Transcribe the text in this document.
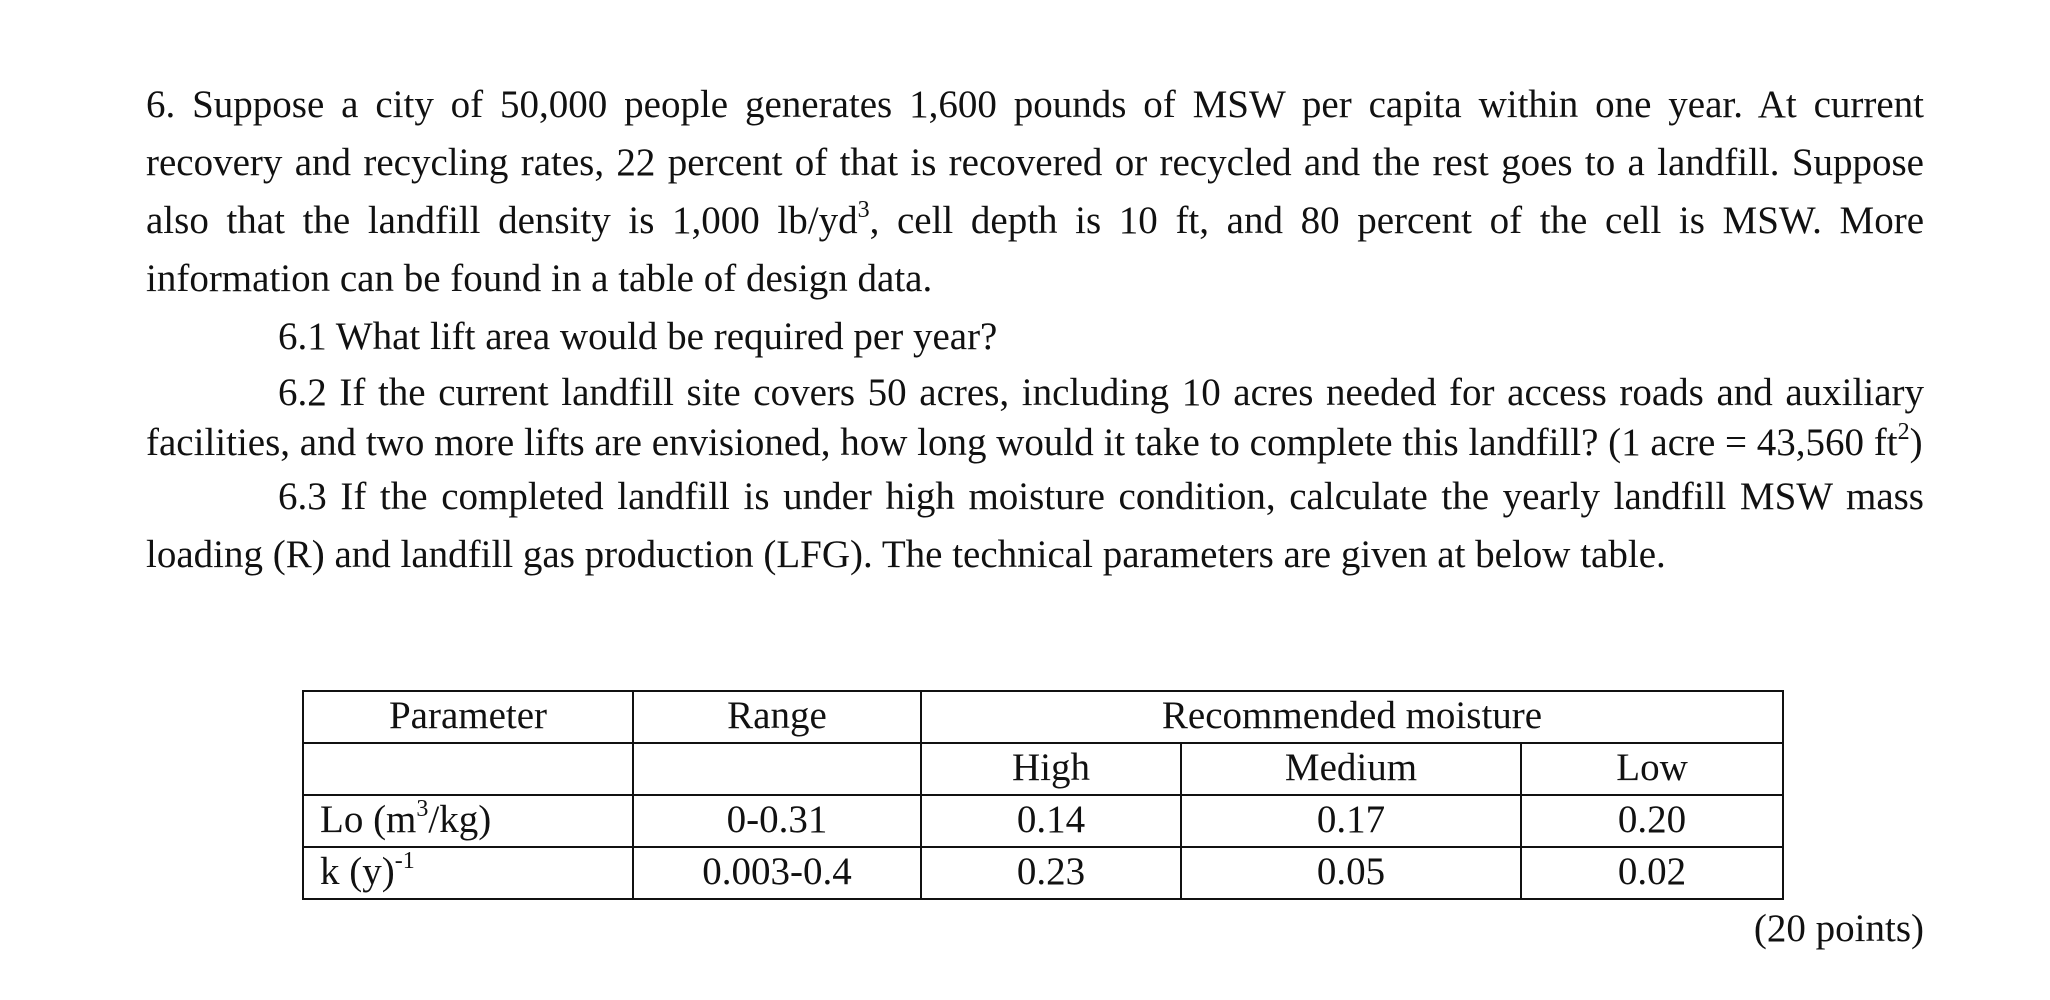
6. Suppose a city of 50,000 people generates 1,600 pounds of MSW per capita within one year. At current recovery and recycling rates, 22 percent of that is recovered or recycled and the rest goes to a landfill. Suppose also that the landfill density is 1,000 $lb/yd^3$, cell depth is 10 ft, and 80 percent of the cell is MSW. More information can be found in a table of design data.

6.1 What lift area would be required per year?

6.2 If the current landfill site covers 50 acres, including 10 acres needed for access roads and auxiliary facilities, and two more lifts are envisioned, how long would it take to complete this landfill? (1 acre = 43,560 $ft^2$)

6.3 If the completed landfill is under high moisture condition, calculate the yearly landfill MSW mass loading (R) and landfill gas production (LFG). The technical parameters are given at below table.

Parameter	Range	Recommended moisture		
		High	Medium	Low
Lo $(m^3/kg)$	0-0.31	0.14	0.17	0.20
k $(y)^{-1}$	0.003-0.4	0.23	0.05	0.02
(20 points)
